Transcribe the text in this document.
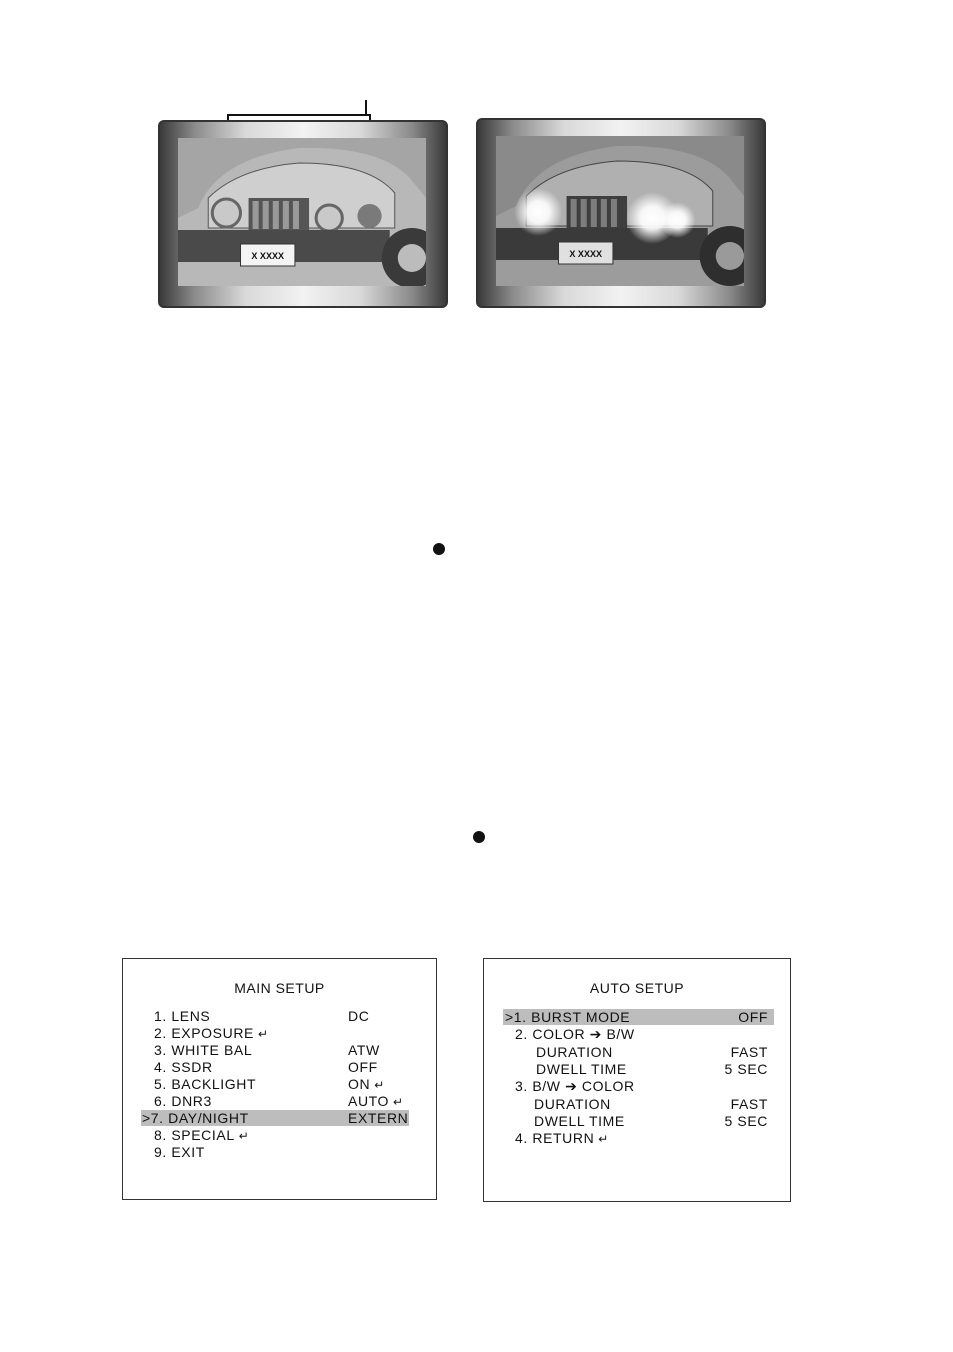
X XXXX	X XXXX
MAIN SETUP
1. LENS	DC
2. EXPOSURE ↵
3. WHITE BAL	ATW
4. SSDR	OFF
5. BACKLIGHT	ON ↵
6. DNR3	AUTO ↵
>7. DAY/NIGHT	EXTERN
8. SPECIAL ↵
9. EXIT
AUTO SETUP
>1. BURST MODE	OFF
2. COLOR ➔ B/W
DURATION	FAST
DWELL TIME	5 SEC
3. B/W ➔ COLOR
DURATION	FAST
DWELL TIME	5 SEC
4. RETURN ↵
